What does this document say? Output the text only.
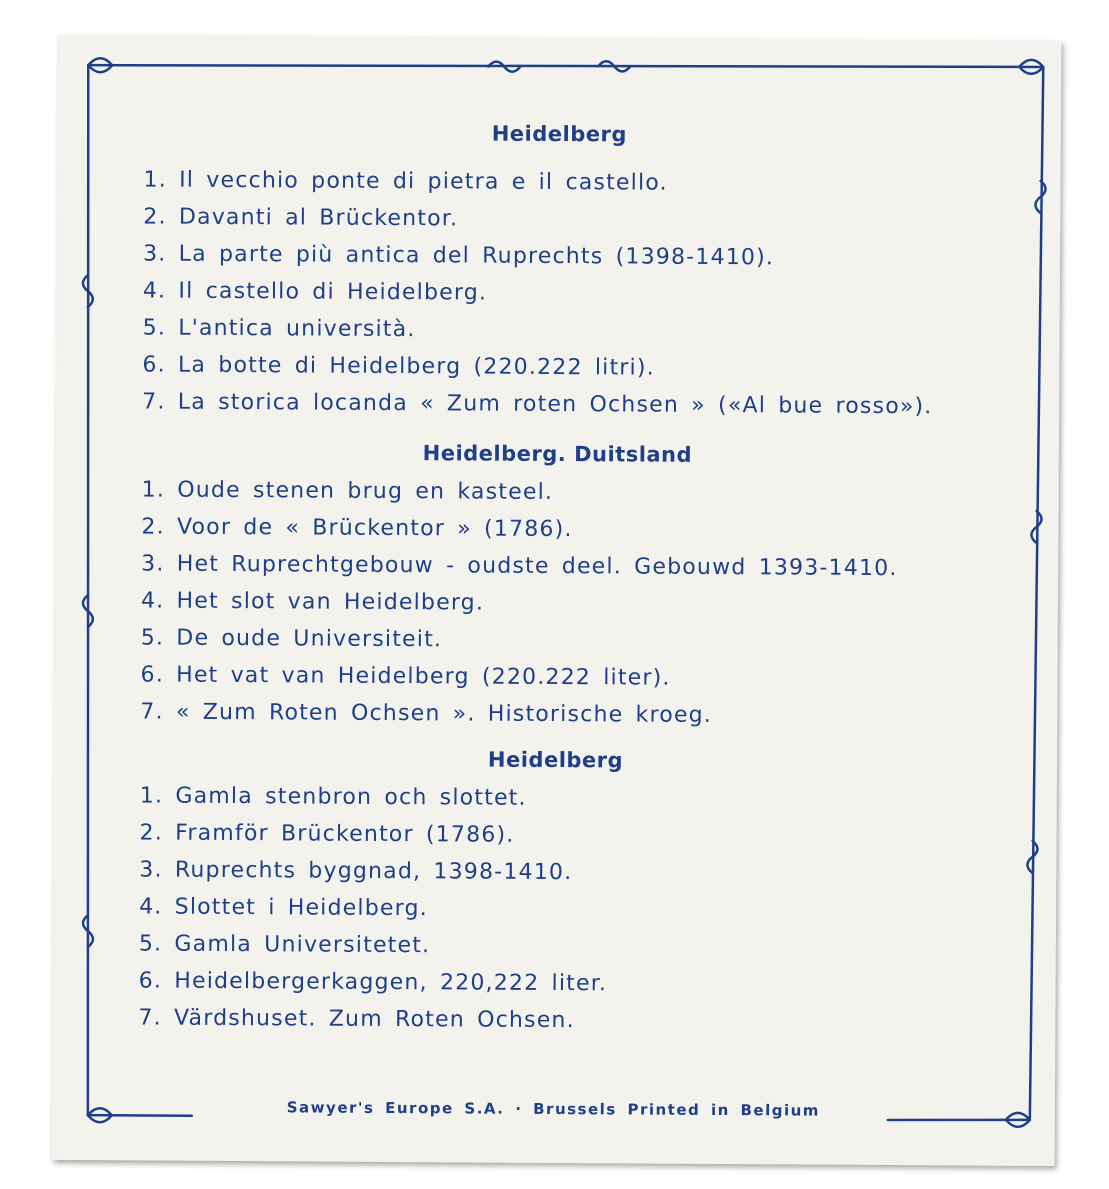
Heidelberg
1. Il vecchio ponte di pietra e il castello.
2. Davanti al Brückentor.
3. La parte più antica del Ruprechts (1398-1410).
4. Il castello di Heidelberg.
5. L'antica università.
6. La botte di Heidelberg (220.222 litri).
7. La storica locanda « Zum roten Ochsen » («Al bue rosso»).
Heidelberg. Duitsland
1. Oude stenen brug en kasteel.
2. Voor de « Brückentor » (1786).
3. Het Ruprechtgebouw - oudste deel. Gebouwd 1393-1410.
4. Het slot van Heidelberg.
5. De oude Universiteit.
6. Het vat van Heidelberg (220.222 liter).
7. « Zum Roten Ochsen ». Historische kroeg.
Heidelberg
1. Gamla stenbron och slottet.
2. Framför Brückentor (1786).
3. Ruprechts byggnad, 1398-1410.
4. Slottet i Heidelberg.
5. Gamla Universitetet.
6. Heidelbergerkaggen, 220,222 liter.
7. Värdshuset. Zum Roten Ochsen.
Sawyer's Europe S.A. · Brussels Printed in Belgium
